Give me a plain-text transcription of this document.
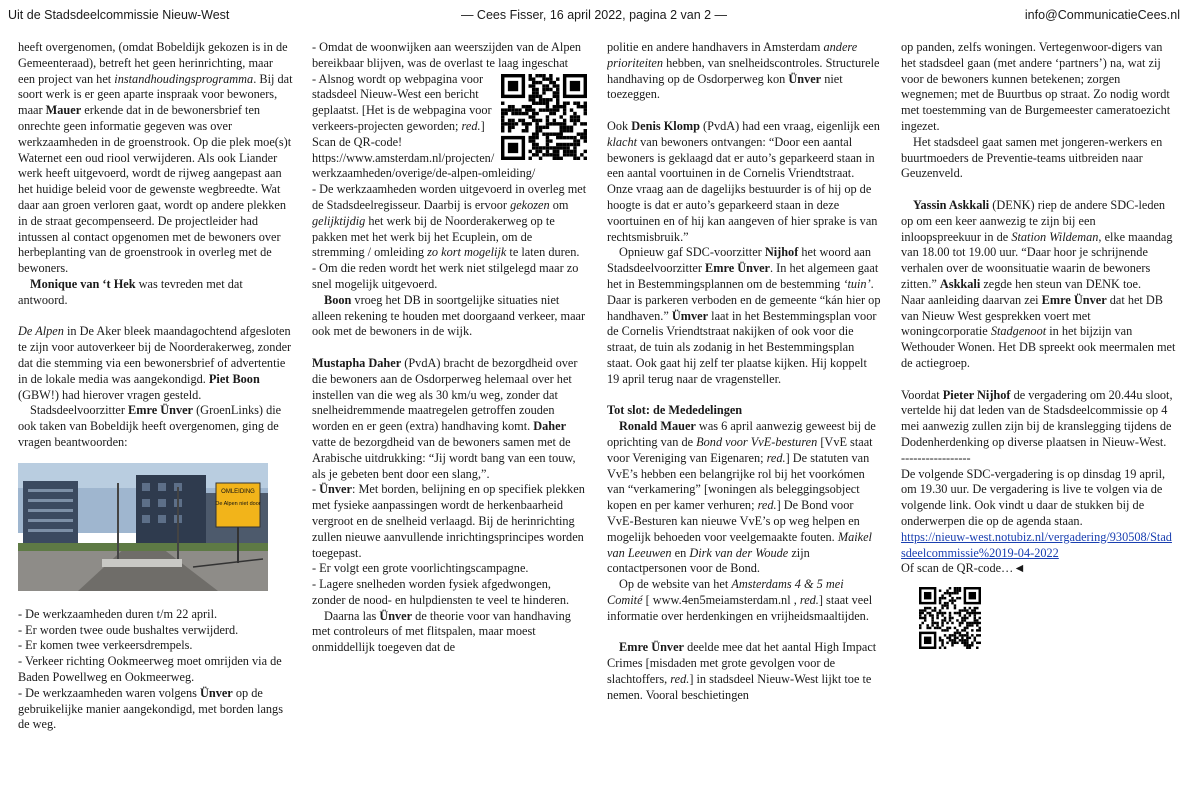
Uit de Stadsdeelcommissie Nieuw-West	— Cees Fisser, 16 april 2022, pagina 2 van 2 —	info@CommunicatieCees.nl

heeft overgenomen, (omdat Bobeldijk gekozen is in de Gemeenteraad), betreft het geen herinrichting, maar een project van het instandhoudingsprogramma. Bij dat soort werk is er geen aparte inspraak voor bewoners, maar Mauer erkende dat in de bewonersbrief ten onrechte geen informatie gegeven was over werkzaamheden in de groenstrook. Op die plek moe(s)t Waternet een oud riool verwijderen. Als ook Liander werk heeft uitgevoerd, wordt de rijweg aangepast aan het huidige beleid voor de gewenste wegbreedte. Wat daar aan groen verloren gaat, wordt op andere plekken in de straat gecompenseerd. De projectleider had intussen al contact opgenomen met de bewoners over herbeplanting van de groenstrook in overleg met de bewoners.

Monique van ‘t Hek was tevreden met dat antwoord.

De Alpen in De Aker bleek maandagochtend afgesloten te zijn voor autoverkeer bij de Noorderakerweg, zonder dat die stemming via een bewonersbrief of advertentie in de lokale media was aangekondigd. Piet Boon (GBW!) had hierover vragen gesteld.

Stadsdeelvoorzitter Emre Ünver (GroenLinks) die ook taken van Bobeldijk heeft overgenomen, ging de vragen beantwoorden:

OMLEIDING
De Alpen niet door

- De werkzaamheden duren t/m 22 april.

- Er worden twee oude bushaltes verwijderd.

- Er komen twee verkeersdrempels.

- Verkeer richting Ookmeerweg moet omrijden via de Baden Powellweg en Ookmeerweg.

- De werkzaamheden waren volgens Ünver op de gebruikelijke manier aangekondigd, met borden langs de weg.

- Omdat de woonwijken aan weerszijden van de Alpen bereikbaar blijven, was de overlast te laag ingeschat

- Alsnog wordt op webpagina voor stadsdeel Nieuw-West een bericht geplaatst. [Het is de webpagina voor verkeers-projecten geworden; red.] Scan de QR-code!

https://www.amsterdam.nl/projecten/werkzaamheden/overige/de-alpen-omleiding/

- De werkzaamheden worden uitgevoerd in overleg met de Stadsdeelregisseur. Daarbij is ervoor gekozen om gelijktijdig het werk bij de Noorderakerweg op te pakken met het werk bij het Ecuplein, om de stremming / omleiding zo kort mogelijk te laten duren.

- Om die reden wordt het werk niet stilgelegd maar zo snel mogelijk uitgevoerd.

Boon vroeg het DB in soortgelijke situaties niet alleen rekening te houden met doorgaand verkeer, maar ook met de bewoners in de wijk.

Mustapha Daher (PvdA) bracht de bezorgdheid over die bewoners aan de Osdorperweg helemaal over het instellen van die weg als 30 km/u weg, zonder dat snelheidremmende maatregelen getroffen zouden worden en er geen (extra) handhaving komt. Daher vatte de bezorgdheid van de bewoners samen met de Arabische uitdrukking: “Jij wordt bang van een touw, als je gebeten bent door een slang,”.

- Ünver: Met borden, belijning en op specifiek plekken met fysieke aanpassingen wordt de herkenbaarheid vergroot en de snelheid verlaagd. Bij de herinrichting zullen nieuwe aanvullende inrichtingsprincipes worden toegepast.

- Er volgt een grote voorlichtingscampagne.

- Lagere snelheden worden fysiek afgedwongen, zonder de nood- en hulpdiensten te veel te hinderen.

Daarna las Ünver de theorie voor van handhaving met controleurs of met flitspalen, maar moest onmiddellijk toegeven dat de

politie en andere handhavers in Amsterdam andere prioriteiten hebben, van snelheidscontroles. Structurele handhaving op de Osdorperweg kon Ünver niet toezeggen.

Ook Denis Klomp (PvdA) had een vraag, eigenlijk een klacht van bewoners ontvangen: “Door een aantal bewoners is geklaagd dat er auto’s geparkeerd staan in een aantal voortuinen in de Cornelis Vriendtstraat. Onze vraag aan de dagelijks bestuurder is of hij op de hoogte is dat er auto’s geparkeerd staan in deze voortuinen en of hij kan aangeven of hier sprake is van rechtsmisbruik.”

Opnieuw gaf SDC-voorzitter Nijhof het woord aan Stadsdeelvoorzitter Emre Ünver. In het algemeen gaat het in Bestemmingsplannen om de bestemming ‘tuin’. Daar is parkeren verboden en de gemeente “kán hier op handhaven.” Ümver laat in het Bestemmingsplan voor de Cornelis Vriendtstraat nakijken of ook voor die straat, de tuin als zodanig in het Bestemmingsplan staat. Ook gaat hij zelf ter plaatse kijken. Hij koppelt 19 april terug naar de vragensteller.

Tot slot: de Mededelingen

Ronald Mauer was 6 april aanwezig geweest bij de oprichting van de Bond voor VvE-besturen [VvE staat voor Vereniging van Eigenaren; red.] De statuten van VvE’s hebben een belangrijke rol bij het voorkómen van “verkamering” [woningen als beleggingsobject kopen en per kamer verhuren; red.] De Bond voor VvE-Besturen kan nieuwe VvE’s op weg helpen en mogelijk behoeden voor veelgemaakte fouten. Maikel van Leeuwen en Dirk van der Woude zijn contactpersonen voor de Bond.

Op de website van het Amsterdams 4 & 5 mei Comité [ www.4en5meiamsterdam.nl , red.] staat veel informatie over herdenkingen en vrijheidsmaaltijden.

Emre Ünver deelde mee dat het aantal High Impact Crimes [misdaden met grote gevolgen voor de slachtoffers, red.] in stadsdeel Nieuw-West lijkt toe te nemen. Vooral beschietingen

op panden, zelfs woningen. Vertegenwoor-digers van het stadsdeel gaan (met andere ‘partners’) na, wat zij voor de bewoners kunnen betekenen; zorgen wegnemen; met de Buurtbus op straat. Zo nodig wordt met toestemming van de Burgemeester cameratoezicht ingezet.

Het stadsdeel gaat samen met jongeren-werkers en buurtmoeders de Preventie-teams uitbreiden naar Geuzenveld.

Yassin Askkali (DENK) riep de andere SDC-leden op om een keer aanwezig te zijn bij een inloopspreekuur in de Station Wildeman, elke maandag van 18.00 tot 19.00 uur. “Daar hoor je schrijnende verhalen over de woonsituatie waarin de bewoners zitten.” Askkali zegde hen steun van DENK toe.

Naar aanleiding daarvan zei Emre Ünver dat het DB van Nieuw West gesprekken voert met woningcorporatie Stadgenoot in het bijzijn van Wethouder Wonen. Het DB spreekt ook meermalen met de actiegroep.

Voordat Pieter Nijhof de vergadering om 20.44u sloot, vertelde hij dat leden van de Stadsdeelcommissie op 4 mei aanwezig zullen zijn bij de kranslegging tijdens de Dodenherdenking op diverse plaatsen in Nieuw-West.

-----------------

De volgende SDC-vergadering is op dinsdag 19 april, om 19.30 uur. De vergadering is live te volgen via de volgende link. Ook vindt u daar de stukken bij de onderwerpen die op de agenda staan.

https://nieuw-west.notubiz.nl/vergadering/930508/Stadsdeelcommissie%2019-04-2022

Of scan de QR-code…◄
